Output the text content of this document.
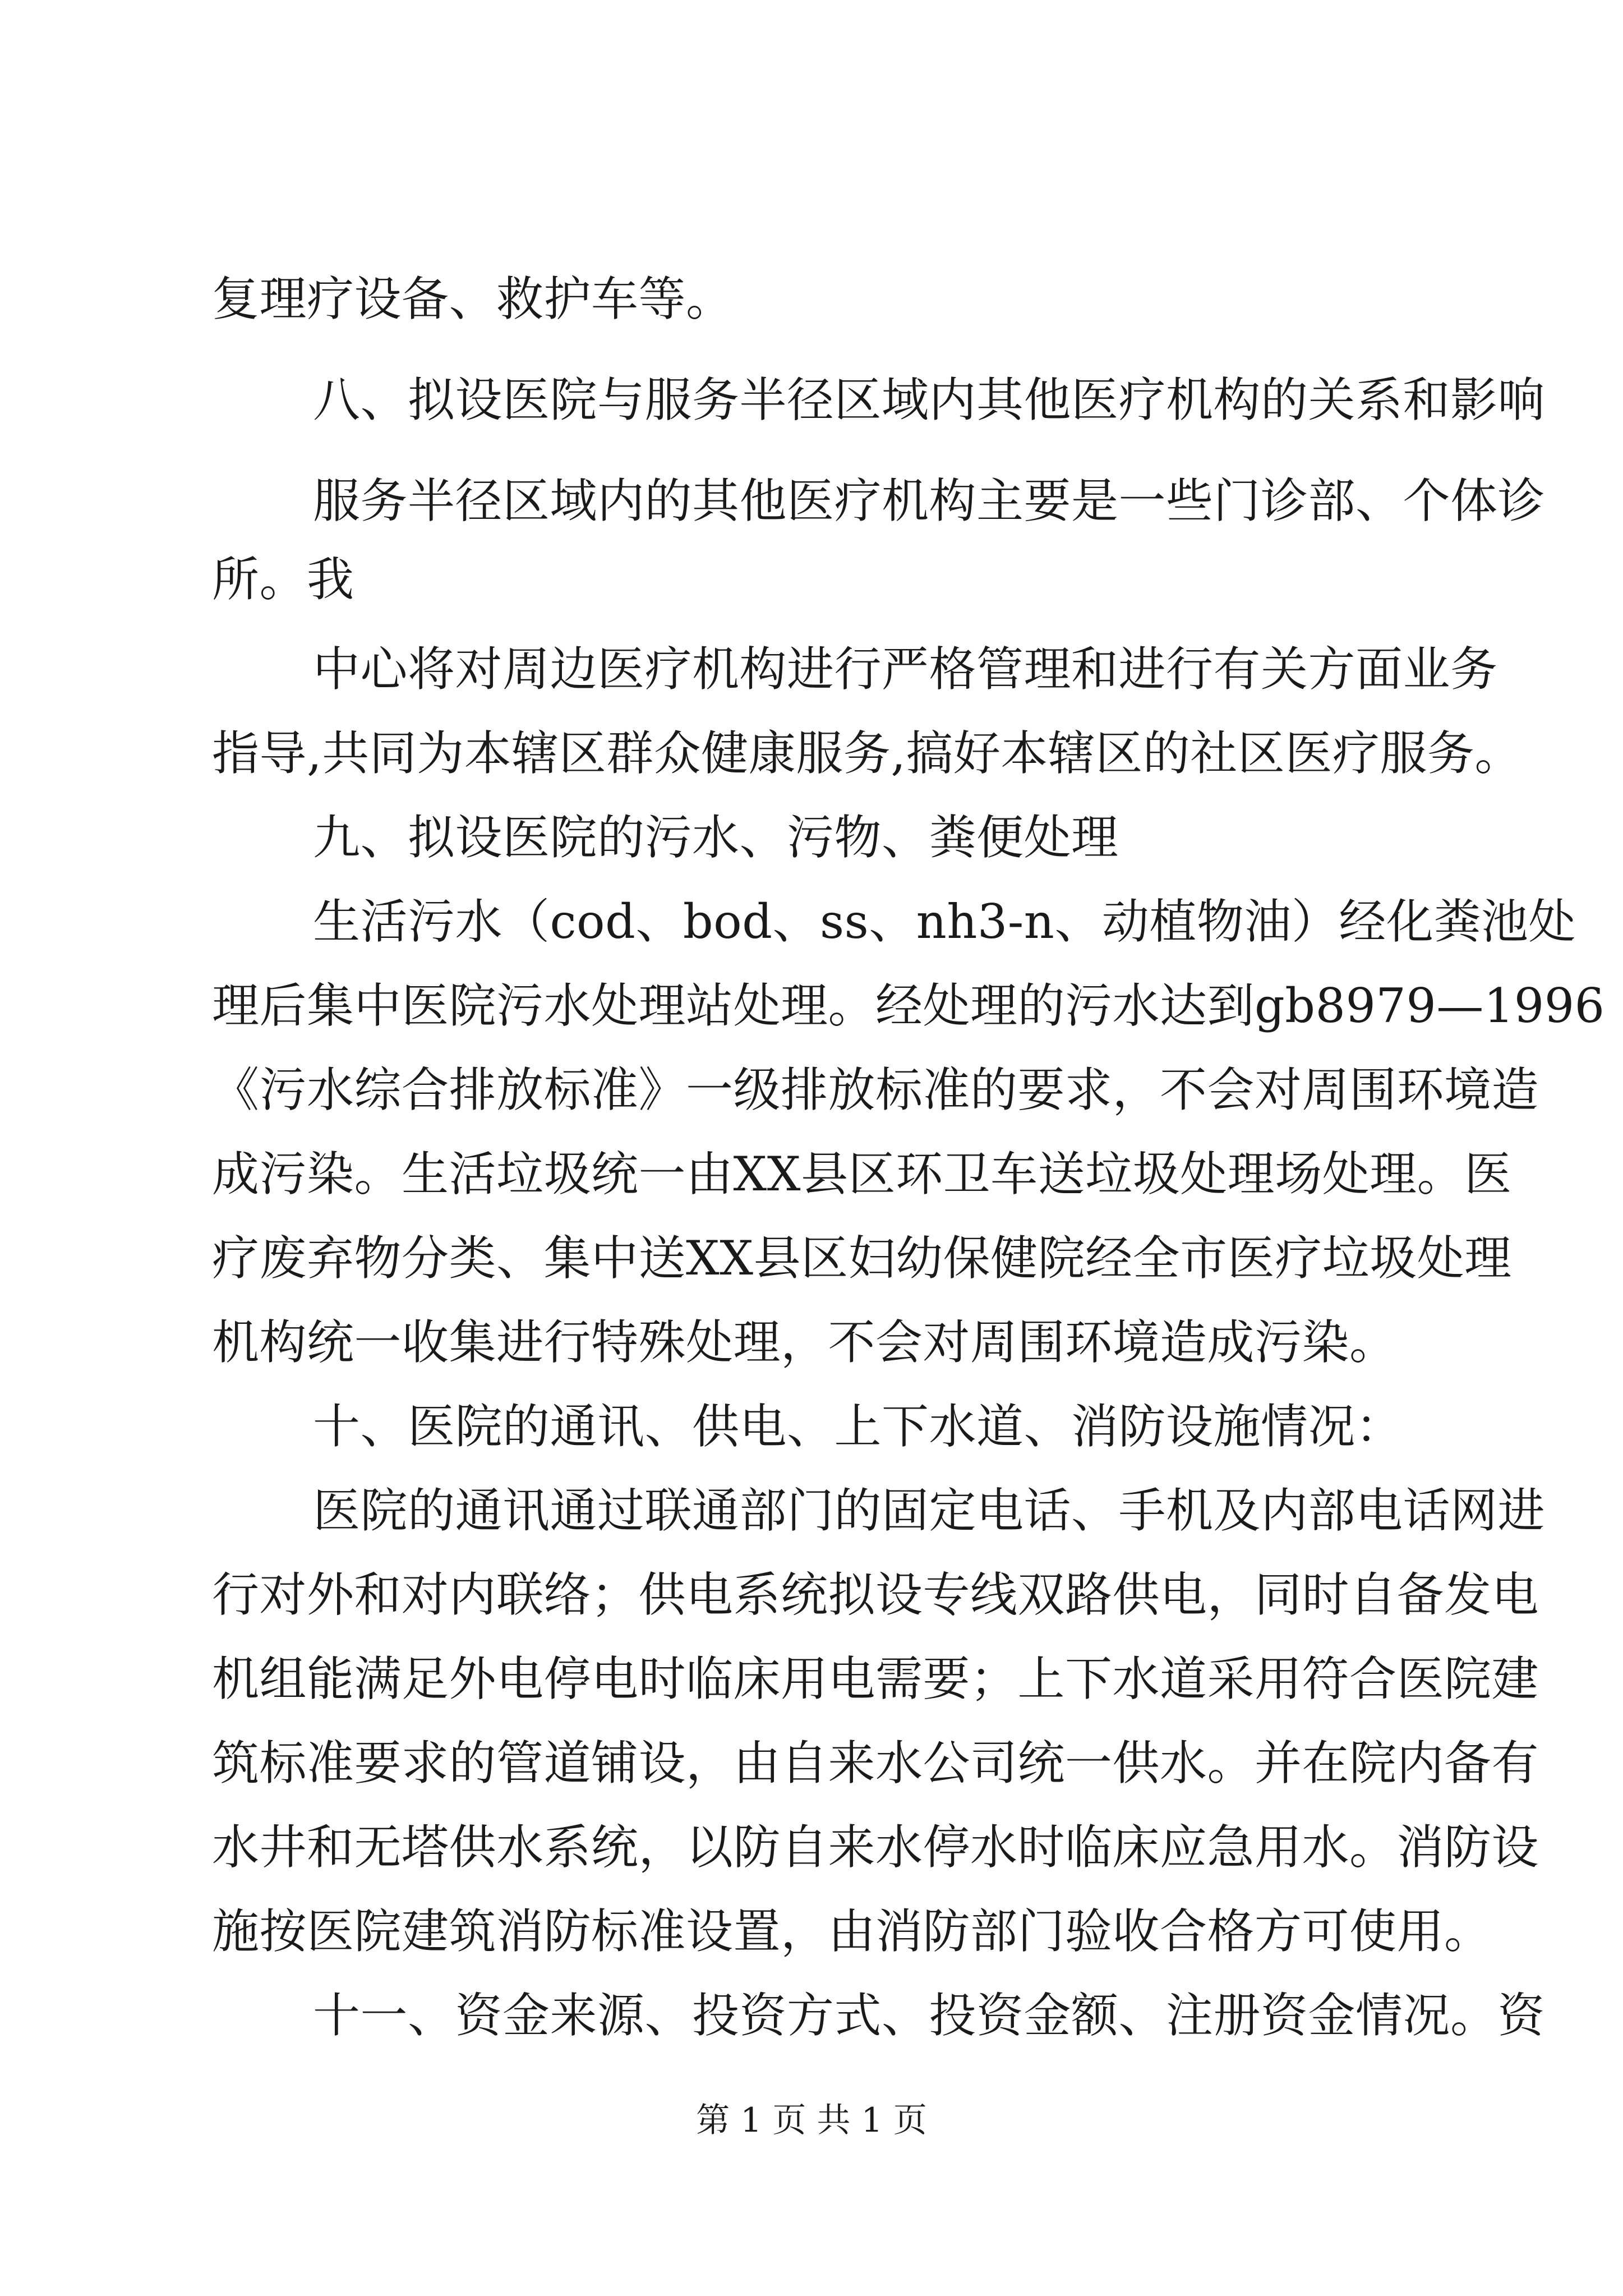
复理疗设备、救护车等。
八、拟设医院与服务半径区域内其他医疗机构的关系和影响
服务半径区域内的其他医疗机构主要是一些门诊部、个体诊
所。我
中心将对周边医疗机构进行严格管理和进行有关方面业务
指导,共同为本辖区群众健康服务,搞好本辖区的社区医疗服务。
九、拟设医院的污水、污物、粪便处理
生活污水（cod、bod、ss、nh3-n、动植物油）经化粪池处
理后集中医院污水处理站处理。经处理的污水达到gb8979—1996
《污水综合排放标准》一级排放标准的要求，不会对周围环境造
成污染。生活垃圾统一由XX县区环卫车送垃圾处理场处理。医
疗废弃物分类、集中送XX县区妇幼保健院经全市医疗垃圾处理
机构统一收集进行特殊处理，不会对周围环境造成污染。
十、医院的通讯、供电、上下水道、消防设施情况：
医院的通讯通过联通部门的固定电话、手机及内部电话网进
行对外和对内联络；供电系统拟设专线双路供电，同时自备发电
机组能满足外电停电时临床用电需要；上下水道采用符合医院建
筑标准要求的管道铺设，由自来水公司统一供水。并在院内备有
水井和无塔供水系统，以防自来水停水时临床应急用水。消防设
施按医院建筑消防标准设置，由消防部门验收合格方可使用。
十一、资金来源、投资方式、投资金额、注册资金情况。资
第 1 页 共 1 页
